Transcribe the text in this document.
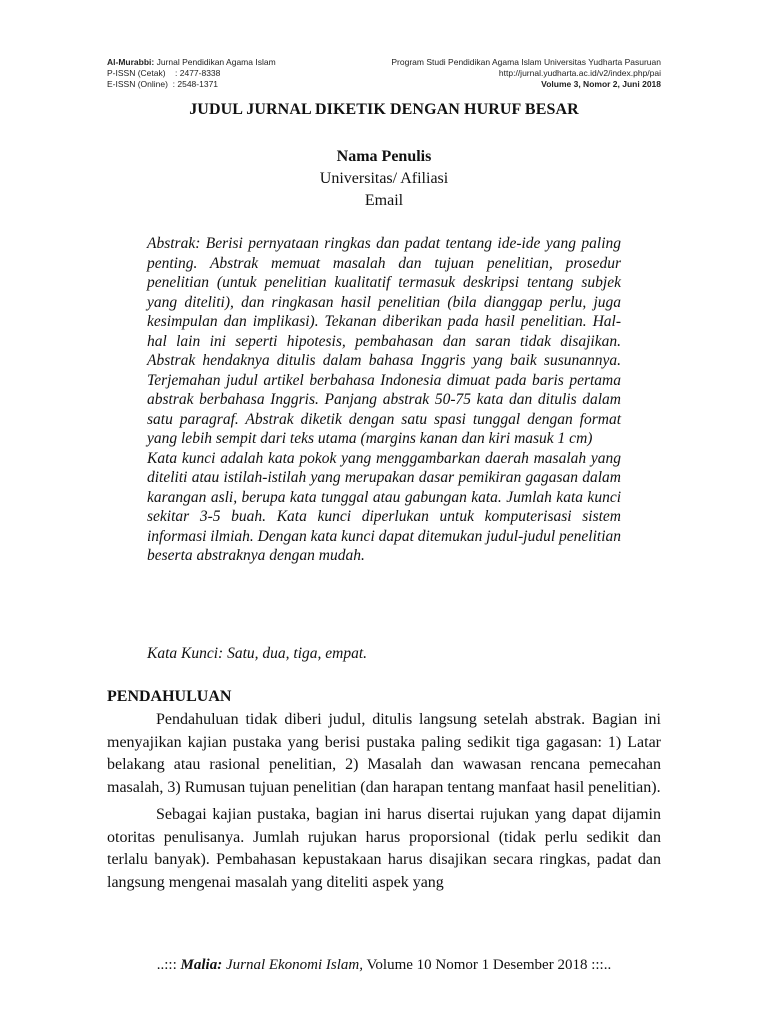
Al-Murabbi: Jurnal Pendidikan Agama Islam
P-ISSN (Cetak)    : 2477-8338
E-ISSN (Online)  : 2548-1371
Program Studi Pendidikan Agama Islam Universitas Yudharta Pasuruan
http://jurnal.yudharta.ac.id/v2/index.php/pai
Volume 3, Nomor 2, Juni 2018
JUDUL JURNAL DIKETIK DENGAN HURUF BESAR
Nama Penulis
Universitas/ Afiliasi
Email

Abstrak: Berisi pernyataan ringkas dan padat tentang ide-ide yang paling penting. Abstrak memuat masalah dan tujuan penelitian, prosedur penelitian (untuk penelitian kualitatif termasuk deskripsi tentang subjek yang diteliti), dan ringkasan hasil penelitian (bila dianggap perlu, juga kesimpulan dan implikasi). Tekanan diberikan pada hasil penelitian. Hal-hal lain ini seperti hipotesis, pembahasan dan saran tidak disajikan. Abstrak hendaknya ditulis dalam bahasa Inggris yang baik susunannya. Terjemahan judul artikel berbahasa Indonesia dimuat pada baris pertama abstrak berbahasa Inggris. Panjang abstrak 50-75 kata dan ditulis dalam satu paragraf. Abstrak diketik dengan satu spasi tunggal dengan format yang lebih sempit dari teks utama (margins kanan dan kiri masuk 1 cm)

Kata kunci adalah kata pokok yang menggambarkan daerah masalah yang diteliti atau istilah-istilah yang merupakan dasar pemikiran gagasan dalam karangan asli, berupa kata tunggal atau gabungan kata. Jumlah kata kunci sekitar 3-5 buah. Kata kunci diperlukan untuk komputerisasi sistem informasi ilmiah. Dengan kata kunci dapat ditemukan judul-judul penelitian beserta abstraknya dengan mudah.

Kata Kunci: Satu, dua, tiga, empat.
PENDAHULUAN

Pendahuluan tidak diberi judul, ditulis langsung setelah abstrak. Bagian ini menyajikan kajian pustaka yang berisi pustaka paling sedikit tiga gagasan: 1) Latar belakang atau rasional penelitian, 2) Masalah dan wawasan rencana pemecahan masalah, 3) Rumusan tujuan penelitian (dan harapan tentang manfaat hasil penelitian).

Sebagai kajian pustaka, bagian ini harus disertai rujukan yang dapat dijamin otoritas penulisanya. Jumlah rujukan harus proporsional (tidak perlu sedikit dan terlalu banyak). Pembahasan kepustakaan harus disajikan secara ringkas, padat dan langsung mengenai masalah yang diteliti aspek yang

..::: Malia: Jurnal Ekonomi Islam, Volume 10 Nomor 1 Desember 2018 :::..
